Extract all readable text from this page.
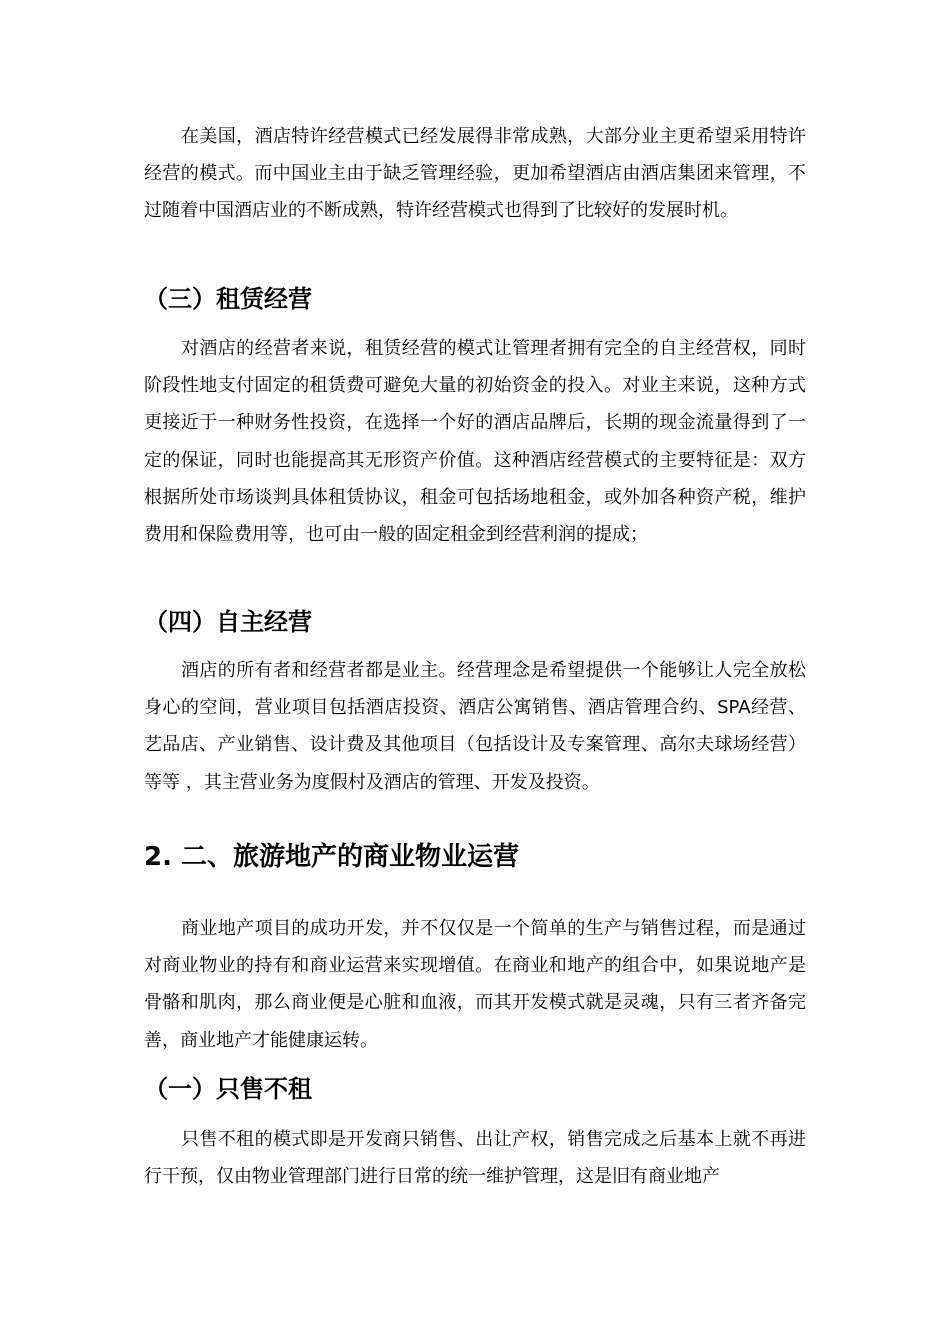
在美国，酒店特许经营模式已经发展得非常成熟，大部分业主更希望采用特许经营的模式。而中国业主由于缺乏管理经验，更加希望酒店由酒店集团来管理，不过随着中国酒店业的不断成熟，特许经营模式也得到了比较好的发展时机。

（三）租赁经营

对酒店的经营者来说，租赁经营的模式让管理者拥有完全的自主经营权，同时阶段性地支付固定的租赁费可避免大量的初始资金的投入。对业主来说，这种方式更接近于一种财务性投资，在选择一个好的酒店品牌后，长期的现金流量得到了一定的保证，同时也能提高其无形资产价值。这种酒店经营模式的主要特征是：双方根据所处市场谈判具体租赁协议，租金可包括场地租金，或外加各种资产税，维护费用和保险费用等，也可由一般的固定租金到经营利润的提成；

（四）自主经营

酒店的所有者和经营者都是业主。经营理念是希望提供一个能够让人完全放松身心的空间，营业项目包括酒店投资、酒店公寓销售、酒店管理合约、SPA经营、艺品店、产业销售、设计费及其他项目（包括设计及专案管理、高尔夫球场经营）等等 ，其主营业务为度假村及酒店的管理、开发及投资。

2. 二、旅游地产的商业物业运营

商业地产项目的成功开发，并不仅仅是一个简单的生产与销售过程，而是通过对商业物业的持有和商业运营来实现增值。在商业和地产的组合中，如果说地产是骨骼和肌肉，那么商业便是心脏和血液，而其开发模式就是灵魂，只有三者齐备完善，商业地产才能健康运转。

（一）只售不租

只售不租的模式即是开发商只销售、出让产权，销售完成之后基本上就不再进行干预，仅由物业管理部门进行日常的统一维护管理，这是旧有商业地产
